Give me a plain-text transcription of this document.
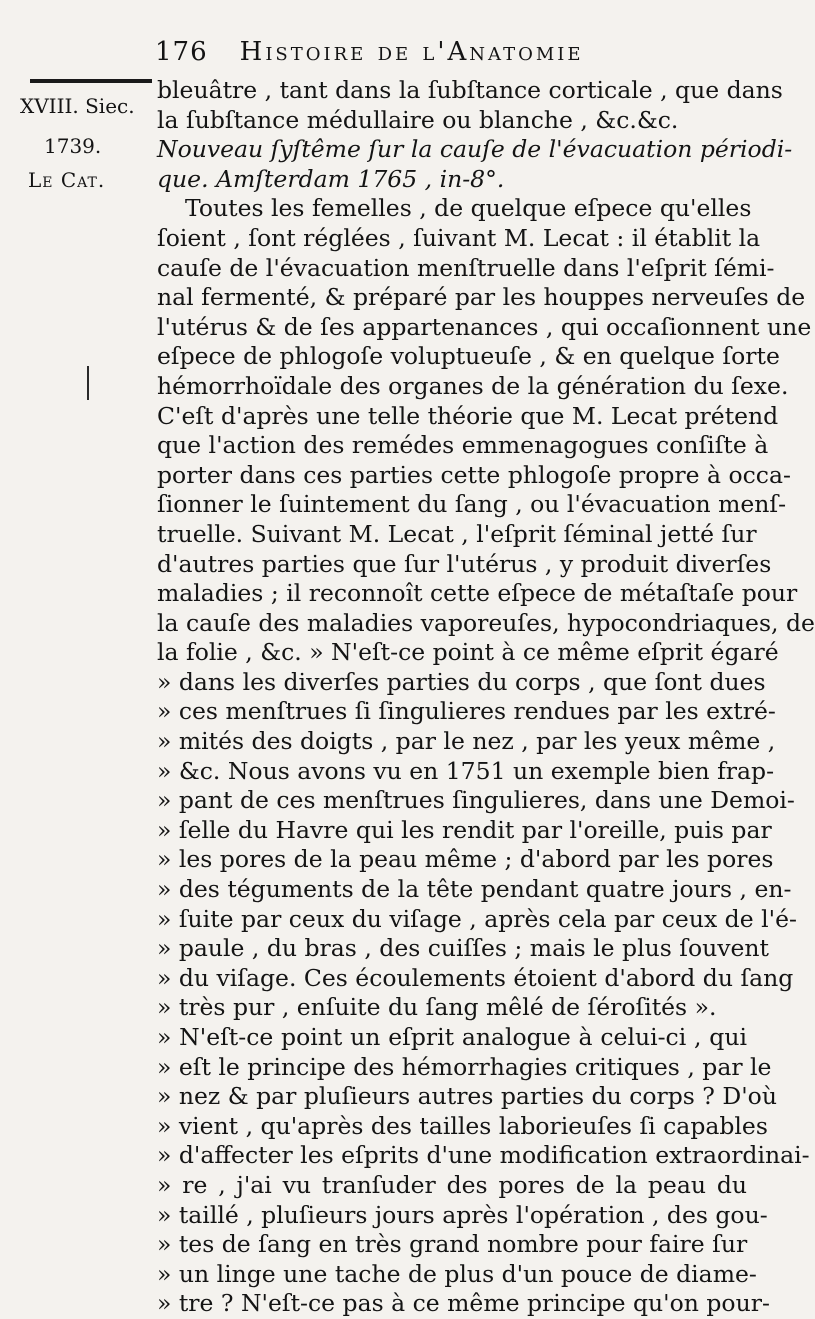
176 Histoire de l'Anatomie
XVIII. Siec.
1739.
Le Cat.
bleuâtre , tant dans la ſubſtance corticale , que dans
la ſubſtance médullaire ou blanche , &c.&c.
Nouveau ſyſtême ſur la cauſe de l'évacuation périodi-
que. Amſterdam 1765 , in-8°.
Toutes les femelles , de quelque eſpece qu'elles
ſoient , ſont réglées , ſuivant M. Lecat : il établit la
cauſe de l'évacuation menſtruelle dans l'eſprit ſémi-
nal fermenté, & préparé par les houppes nerveuſes de
l'utérus & de ſes appartenances , qui occaſionnent une
eſpece de phlogoſe voluptueuſe , & en quelque ſorte
hémorrhoïdale des organes de la génération du ſexe.
C'eſt d'après une telle théorie que M. Lecat prétend
que l'action des remédes emmenagogues conſiſte à
porter dans ces parties cette phlogoſe propre à occa-
ſionner le ſuintement du ſang , ou l'évacuation menſ-
truelle. Suivant M. Lecat , l'eſprit ſéminal jetté ſur
d'autres parties que ſur l'utérus , y produit diverſes
maladies ; il reconnoît cette eſpece de métaſtaſe pour
la cauſe des maladies vaporeuſes, hypocondriaques, de
la folie , &c. » N'eſt-ce point à ce même eſprit égaré
» dans les diverſes parties du corps , que ſont dues
» ces menſtrues ſi ſingulieres rendues par les extré-
» mités des doigts , par le nez , par les yeux même ,
» &c. Nous avons vu en 1751 un exemple bien frap-
» pant de ces menſtrues ſingulieres, dans une Demoi-
» ſelle du Havre qui les rendit par l'oreille, puis par
» les pores de la peau même ; d'abord par les pores
» des téguments de la tête pendant quatre jours , en-
» ſuite par ceux du viſage , après cela par ceux de l'é-
» paule , du bras , des cuiſſes ; mais le plus ſouvent
» du viſage. Ces écoulements étoient d'abord du ſang
» très pur , enſuite du ſang mêlé de ſéroſités ».
» N'eſt-ce point un eſprit analogue à celui-ci , qui
» eſt le principe des hémorrhagies critiques , par le
» nez & par pluſieurs autres parties du corps ? D'où
» vient , qu'après des tailles laborieuſes ſi capables
» d'affecter les eſprits d'une modification extraordinai-
» re , j'ai vu tranſuder des pores de la peau du
» taillé , pluſieurs jours après l'opération , des gou-
» tes de ſang en très grand nombre pour faire ſur
» un linge une tache de plus d'un pouce de diame-
» tre ? N'eſt-ce pas à ce même principe qu'on pour-
